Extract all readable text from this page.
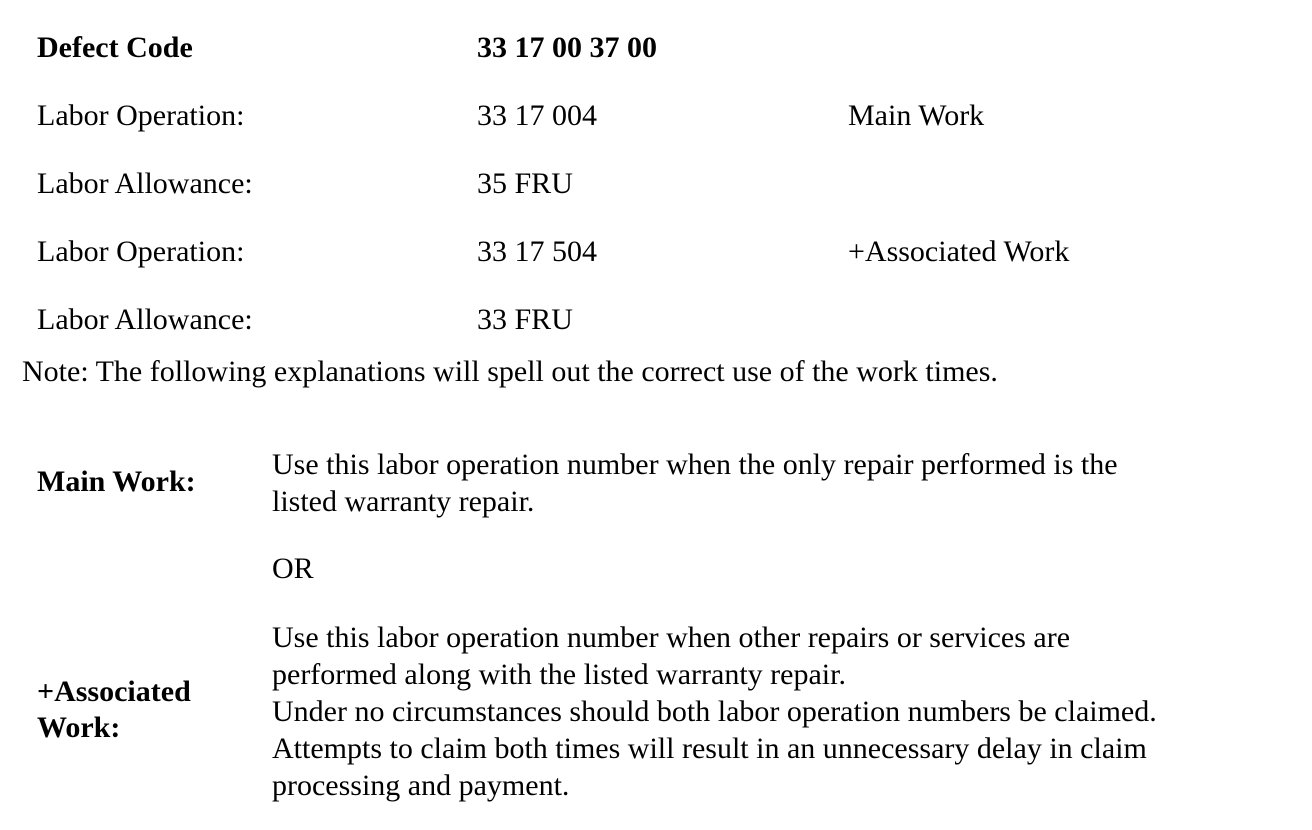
Defect Code	33 17 00 37 00
Labor Operation:	33 17 004	Main Work
Labor Allowance:	35 FRU
Labor Operation:	33 17 504	+Associated Work
Labor Allowance:	33 FRU
Note: The following explanations will spell out the correct use of the work times.
Main Work:
Use this labor operation number when the only repair performed is the
listed warranty repair.
OR
+Associated Work:
Use this labor operation number when other repairs or services are
performed along with the listed warranty repair.
Under no circumstances should both labor operation numbers be claimed.
Attempts to claim both times will result in an unnecessary delay in claim
processing and payment.
